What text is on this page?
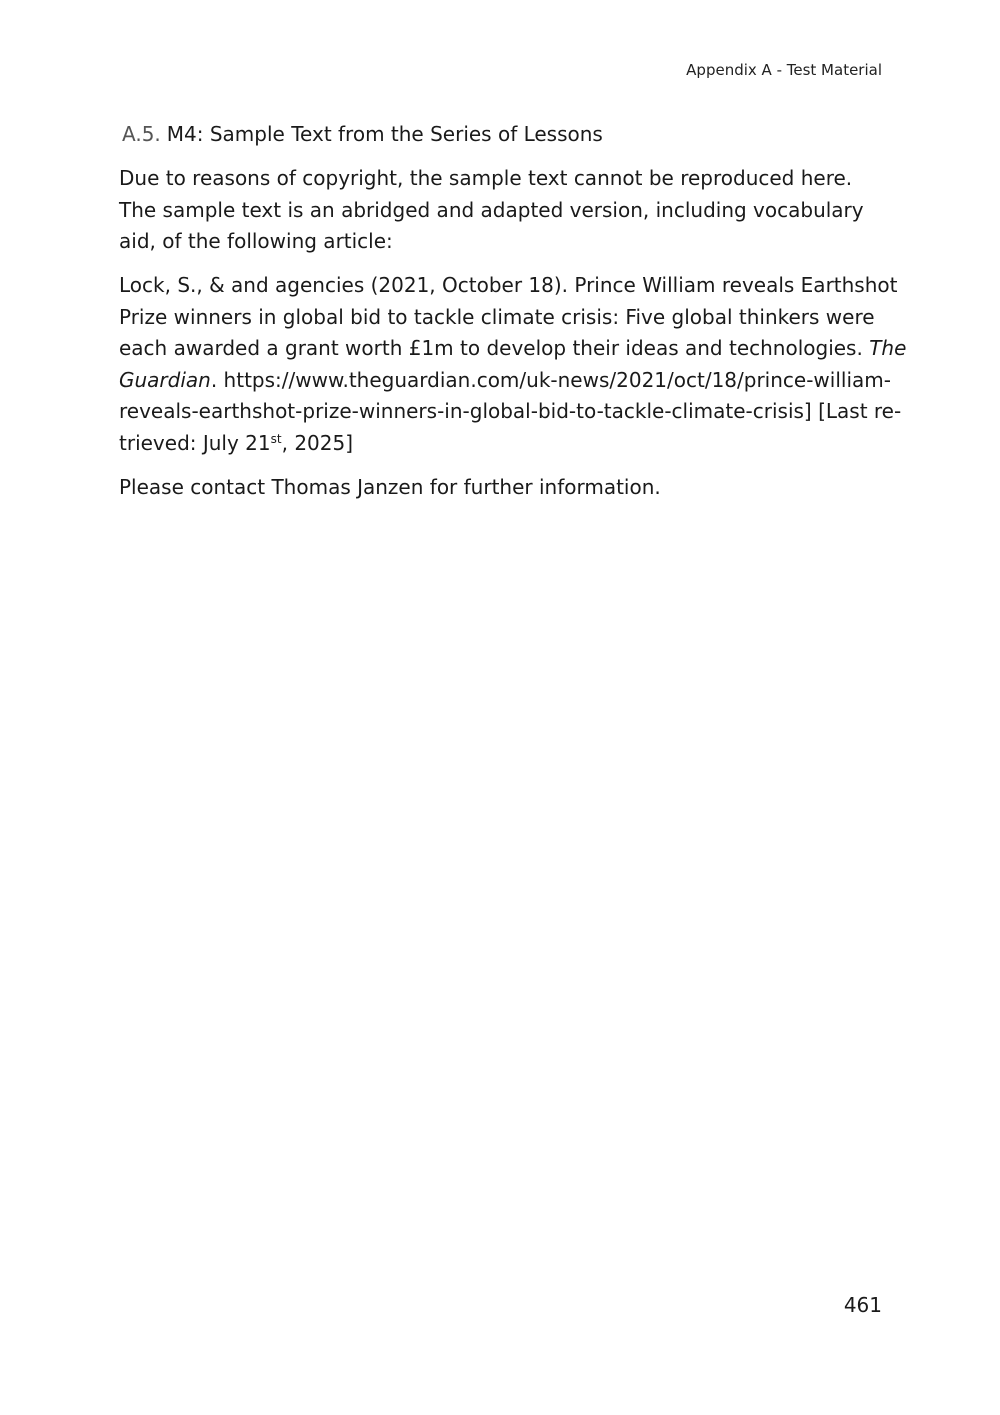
Appendix A - Test Material
A.5. M4: Sample Text from the Series of Lessons

Due to reasons of copyright, the sample text cannot be reproduced here. The sample text is an abridged and adapted version, including vocabulary aid, of the following article:

Lock, S., & and agencies (2021, October 18). Prince William reveals Earthshot
Prize winners in global bid to tackle climate crisis: Five global thinkers were
each awarded a grant worth £1m to develop their ideas and technologies. The
Guardian. https://www.theguardian.com/uk-news/2021/oct/18/prince-william-
reveals-earthshot-prize-winners-in-global-bid-to-tackle-climate-crisis] [Last re-
trieved: July 21st, 2025]

Please contact Thomas Janzen for further information.

461
